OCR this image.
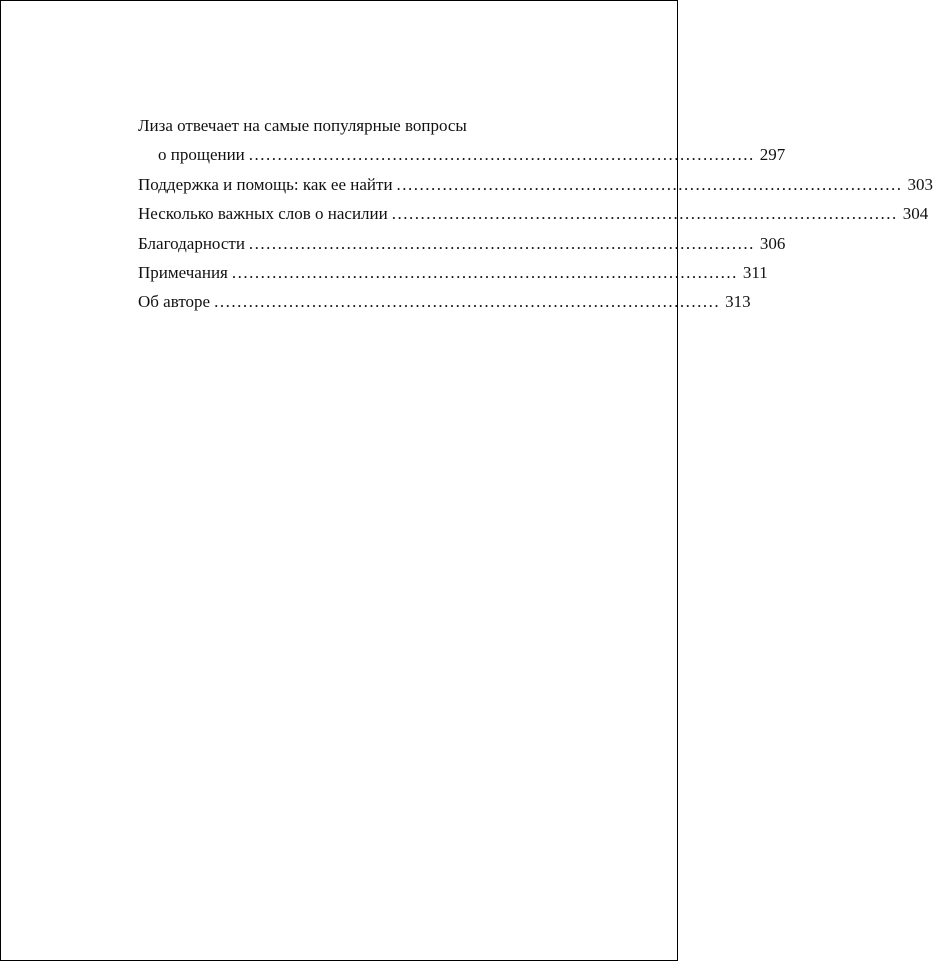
Лиза отвечает на самые популярные вопросы
о прощении ........................................................................................ 297
Поддержка и помощь: как ее найти ........................................................................................ 303
Несколько важных слов о насилии ........................................................................................ 304
Благодарности ........................................................................................ 306
Примечания ........................................................................................ 311
Об авторе ........................................................................................ 313
